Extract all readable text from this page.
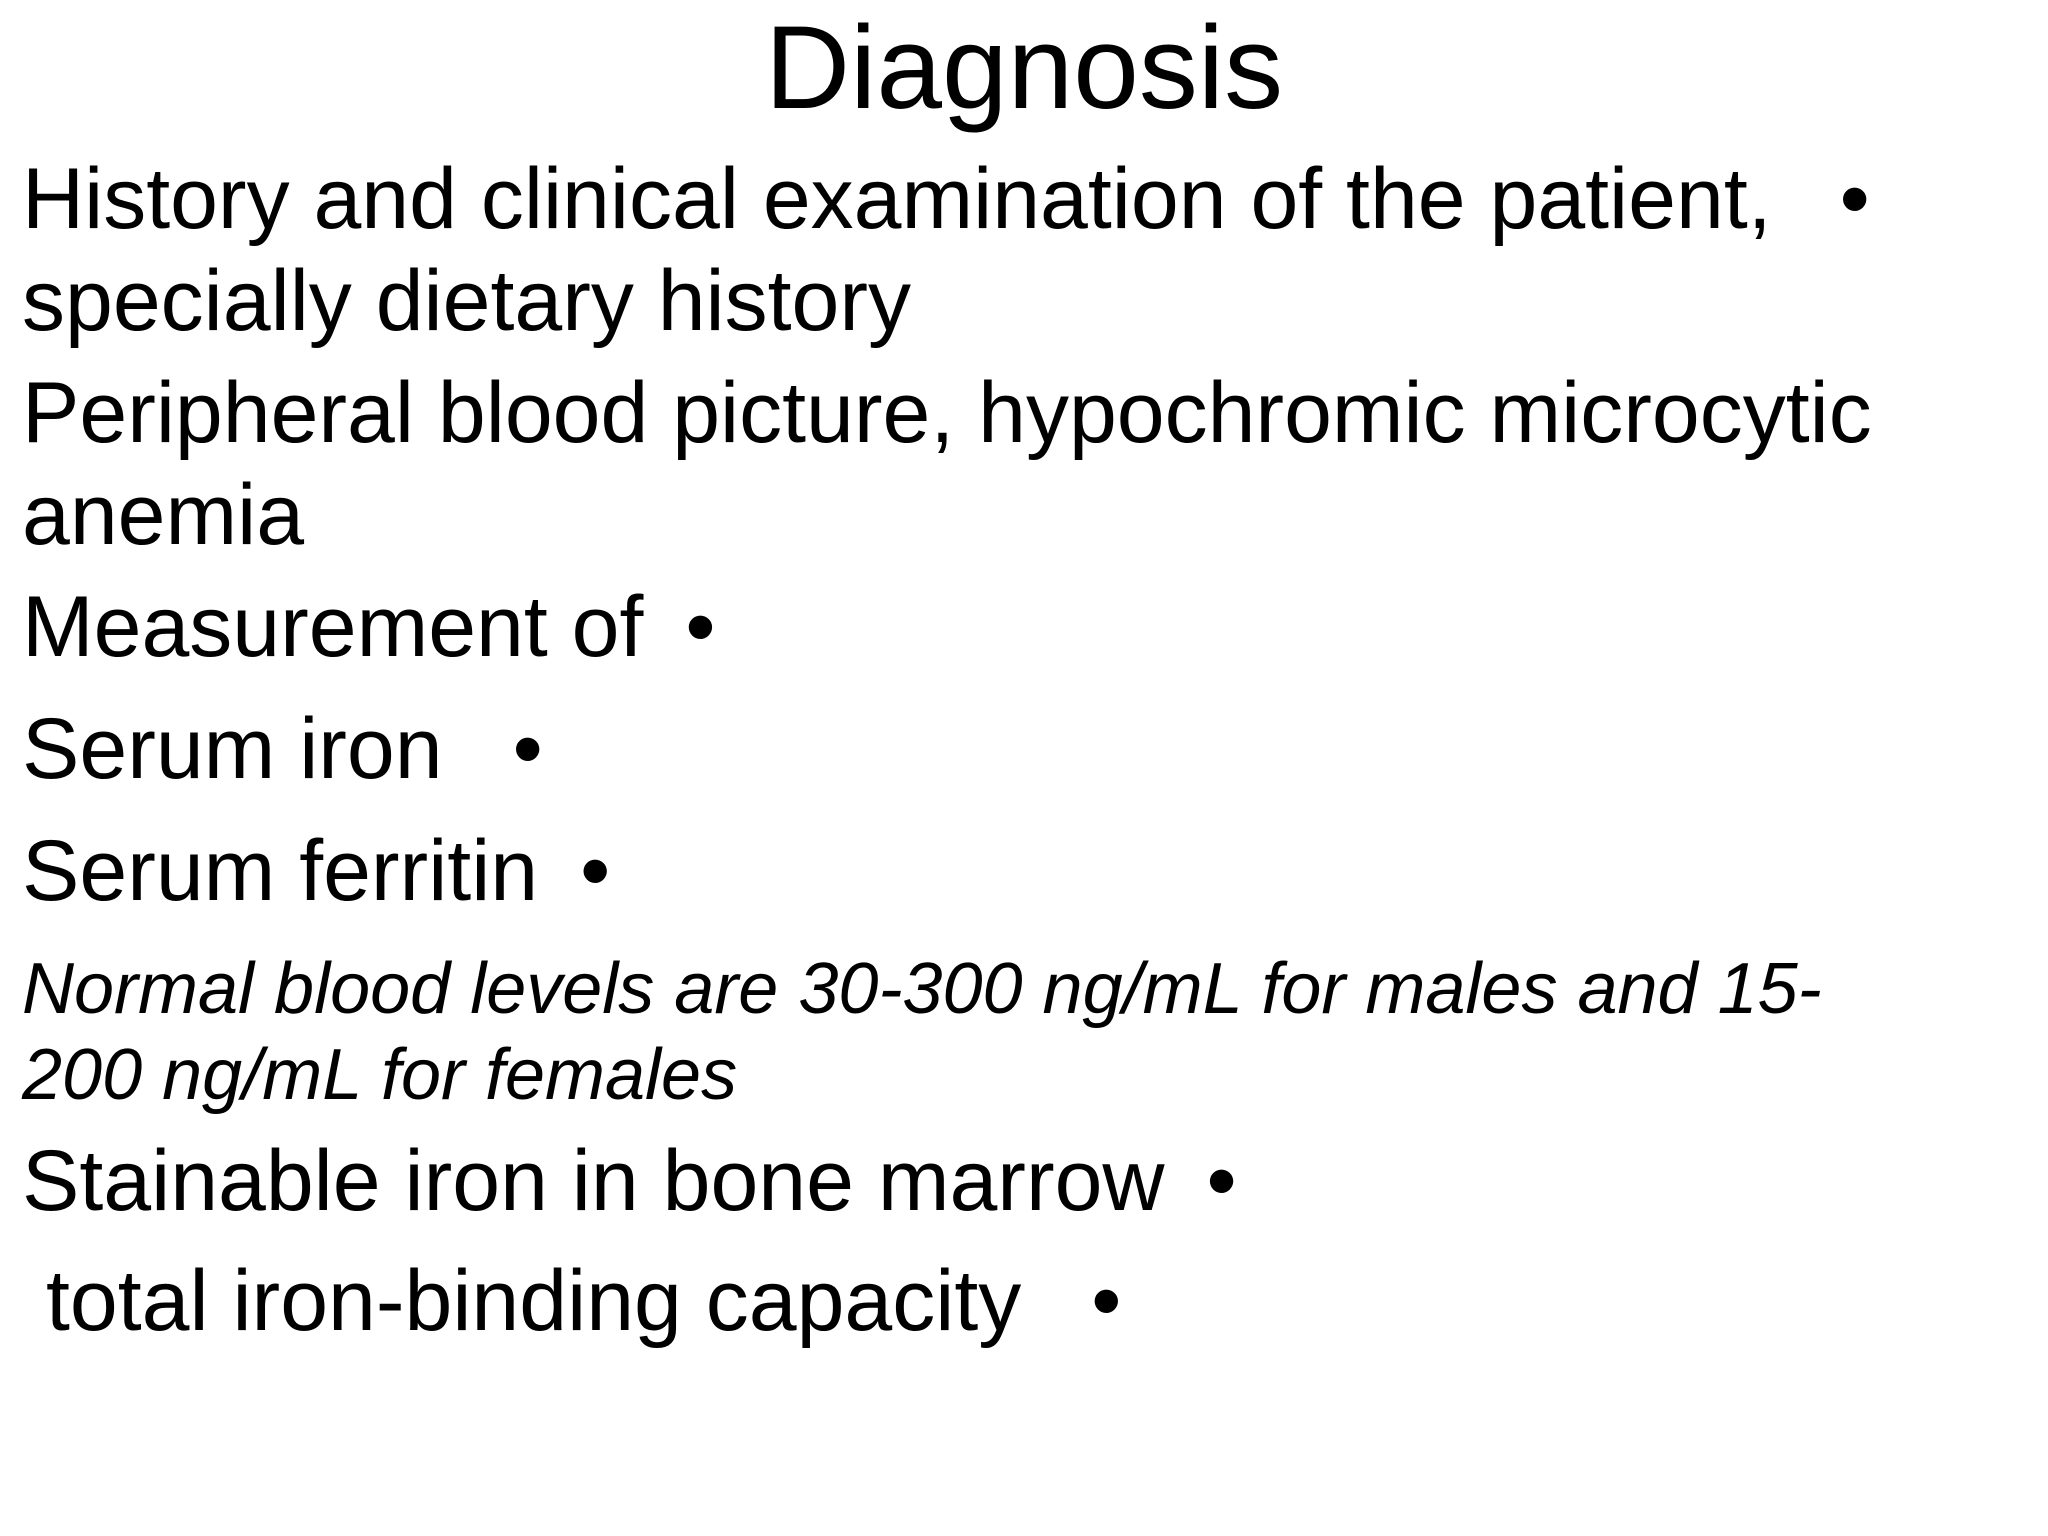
Diagnosis
History and clinical examination of the patient, •
specially dietary history
Peripheral blood picture, hypochromic microcytic
anemia
Measurement of •
Serum iron •
Serum ferritin •
Normal blood levels are 30-300 ng/mL for males and 15-
200 ng/mL for females
Stainable iron in bone marrow •
total iron-binding capacity •
